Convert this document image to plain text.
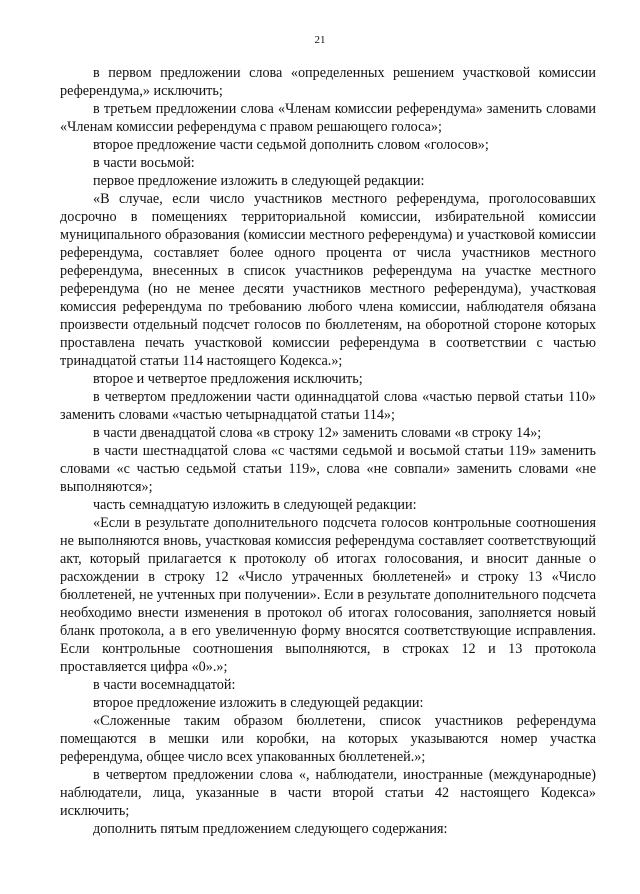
21

в первом предложении слова «определенных решением участковой комиссии референдума,» исключить;

в третьем предложении слова «Членам комиссии референдума» заменить словами «Членам комиссии референдума с правом решающего голоса»;

второе предложение части седьмой дополнить словом «голосов»;

в части восьмой:

первое предложение изложить в следующей редакции:

«В случае, если число участников местного референдума, проголосовавших досрочно в помещениях территориальной комиссии, избирательной комиссии муниципального образования (комиссии местного референдума) и участковой комиссии референдума, составляет более одного процента от числа участников местного референдума, внесенных в список участников референдума на участке местного референдума (но не менее десяти участников местного референдума), участковая комиссия референдума по требованию любого члена комиссии, наблюдателя обязана произвести отдельный подсчет голосов по бюллетеням, на оборотной стороне которых проставлена печать участковой комиссии референдума в соответствии с частью тринадцатой статьи 114 настоящего Кодекса.»;

второе и четвертое предложения исключить;

в четвертом предложении части одиннадцатой слова «частью первой статьи 110» заменить словами «частью четырнадцатой статьи 114»;

в части двенадцатой слова «в строку 12» заменить словами «в строку 14»;

в части шестнадцатой слова «с частями седьмой и восьмой статьи 119» заменить словами «с частью седьмой статьи 119», слова «не совпали» заменить словами «не выполняются»;

часть семнадцатую изложить в следующей редакции:

«Если в результате дополнительного подсчета голосов контрольные соотношения не выполняются вновь, участковая комиссия референдума составляет соответствующий акт, который прилагается к протоколу об итогах голосования, и вносит данные о расхождении в строку 12 «Число утраченных бюллетеней» и строку 13 «Число бюллетеней, не учтенных при получении». Если в результате дополнительного подсчета необходимо внести изменения в протокол об итогах голосования, заполняется новый бланк протокола, а в его увеличенную форму вносятся соответствующие исправления. Если контрольные соотношения выполняются, в строках 12 и 13 протокола проставляется цифра «0».»;

в части восемнадцатой:

второе предложение изложить в следующей редакции:

«Сложенные таким образом бюллетени, список участников референдума помещаются в мешки или коробки, на которых указываются номер участка референдума, общее число всех упакованных бюллетеней.»;

в четвертом предложении слова «, наблюдатели, иностранные (международные) наблюдатели, лица, указанные в части второй статьи 42 настоящего Кодекса» исключить;

дополнить пятым предложением следующего содержания:
